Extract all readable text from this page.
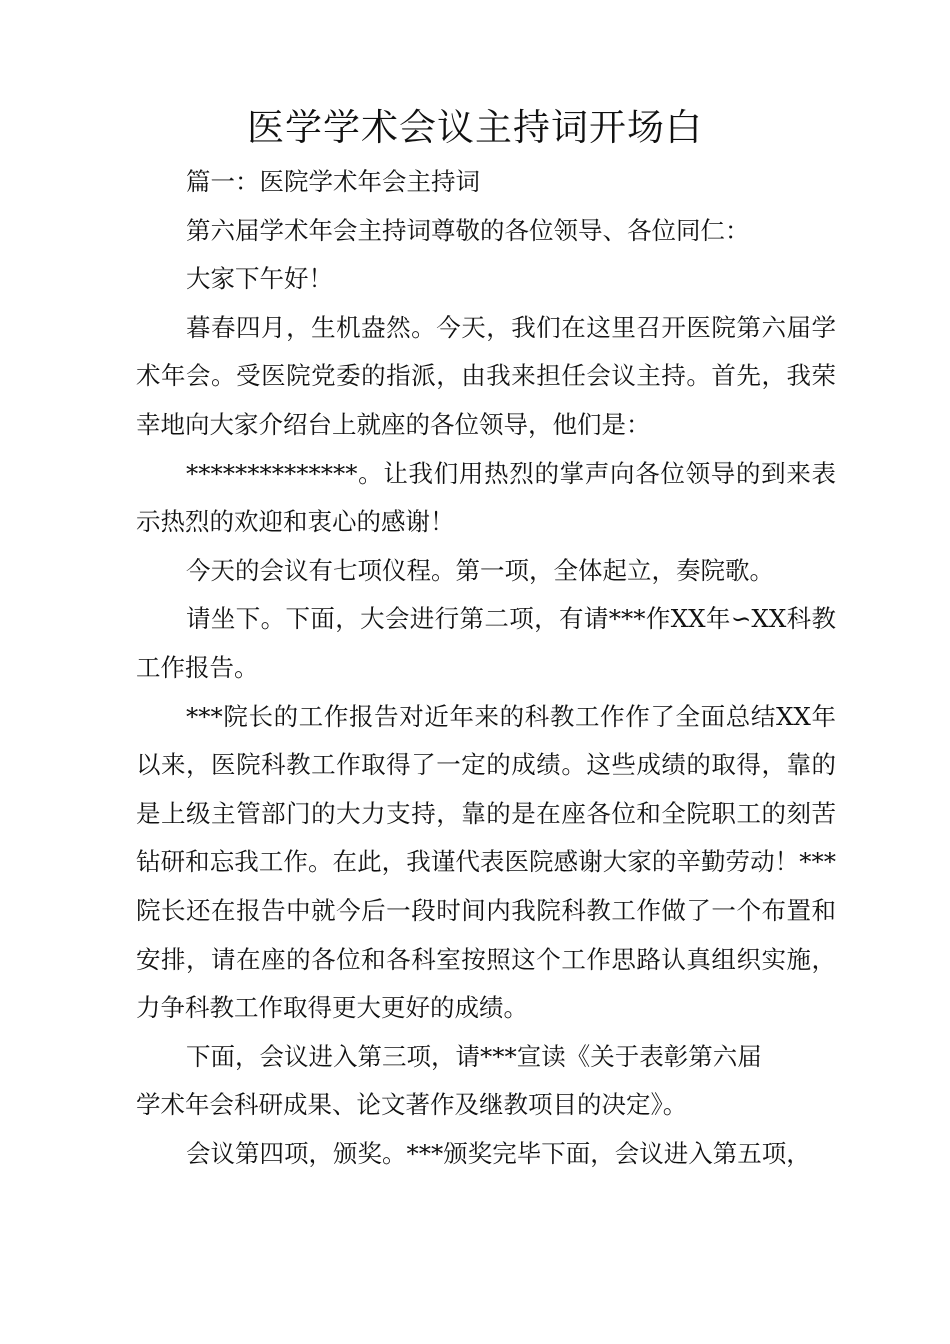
医学学术会议主持词开场白

篇一：医院学术年会主持词

第六届学术年会主持词尊敬的各位领导、各位同仁：

大家下午好！

暮春四月，生机盎然。今天，我们在这里召开医院第六届学术年会。受医院党委的指派，由我来担任会议主持。首先，我荣幸地向大家介绍台上就座的各位领导，他们是：

**************。让我们用热烈的掌声向各位领导的到来表示热烈的欢迎和衷心的感谢！

今天的会议有七项仪程。第一项，全体起立，奏院歌。

请坐下。下面，大会进行第二项，有请***作XX年∽XX科教工作报告。

***院长的工作报告对近年来的科教工作作了全面总结XX年以来，医院科教工作取得了一定的成绩。这些成绩的取得，靠的是上级主管部门的大力支持，靠的是在座各位和全院职工的刻苦钻研和忘我工作。在此，我谨代表医院感谢大家的辛勤劳动！***院长还在报告中就今后一段时间内我院科教工作做了一个布置和安排，请在座的各位和各科室按照这个工作思路认真组织实施，力争科教工作取得更大更好的成绩。

下面，会议进入第三项，请***宣读《关于表彰第六届

学术年会科研成果、论文著作及继教项目的决定》。

会议第四项，颁奖。***颁奖完毕下面，会议进入第五项，
